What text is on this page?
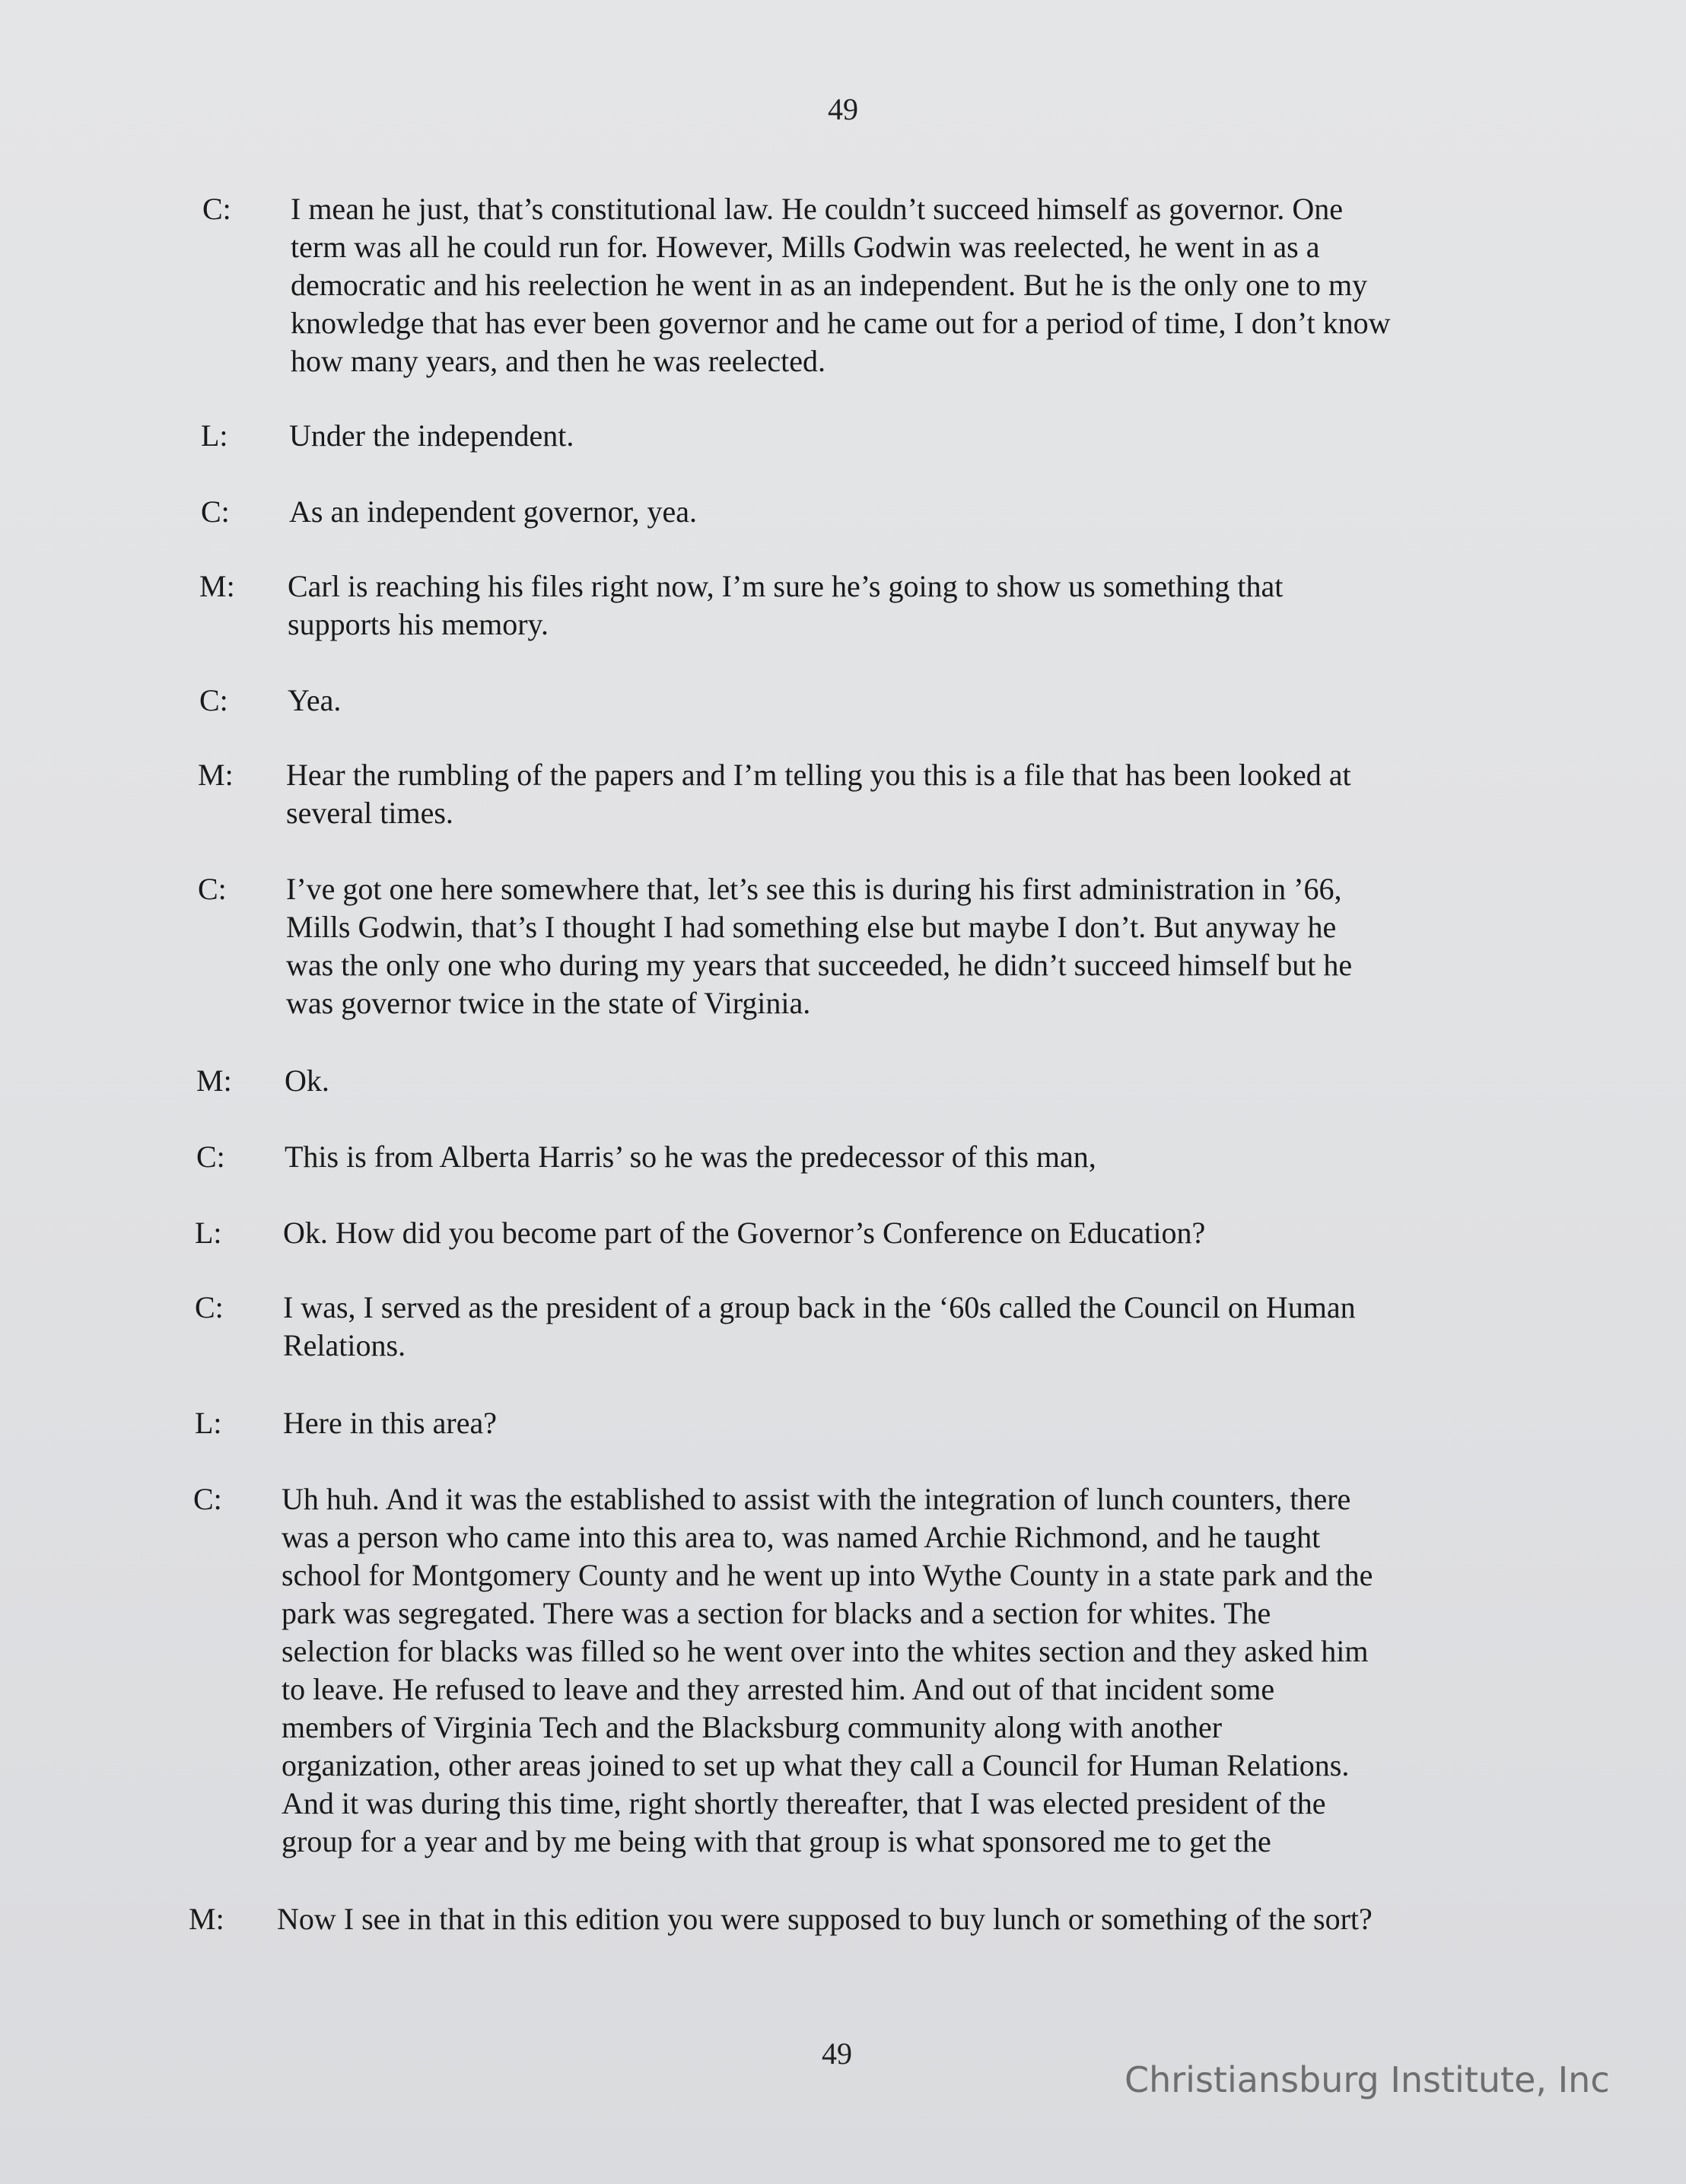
49
C: I mean he just, that’s constitutional law. He couldn’t succeed himself as governor. One
term was all he could run for. However, Mills Godwin was reelected, he went in as a
democratic and his reelection he went in as an independent. But he is the only one to my
knowledge that has ever been governor and he came out for a period of time, I don’t know
how many years, and then he was reelected.
L: Under the independent.
C: As an independent governor, yea.
M: Carl is reaching his files right now, I’m sure he’s going to show us something that
supports his memory.
C: Yea.
M: Hear the rumbling of the papers and I’m telling you this is a file that has been looked at
several times.
C: I’ve got one here somewhere that, let’s see this is during his first administration in ’66,
Mills Godwin, that’s I thought I had something else but maybe I don’t. But anyway he
was the only one who during my years that succeeded, he didn’t succeed himself but he
was governor twice in the state of Virginia.
M: Ok.
C: This is from Alberta Harris’ so he was the predecessor of this man,
L: Ok. How did you become part of the Governor’s Conference on Education?
C: I was, I served as the president of a group back in the ‘60s called the Council on Human
Relations.
L: Here in this area?
C: Uh huh. And it was the established to assist with the integration of lunch counters, there
was a person who came into this area to, was named Archie Richmond, and he taught
school for Montgomery County and he went up into Wythe County in a state park and the
park was segregated. There was a section for blacks and a section for whites. The
selection for blacks was filled so he went over into the whites section and they asked him
to leave. He refused to leave and they arrested him. And out of that incident some
members of Virginia Tech and the Blacksburg community along with another
organization, other areas joined to set up what they call a Council for Human Relations.
And it was during this time, right shortly thereafter, that I was elected president of the
group for a year and by me being with that group is what sponsored me to get the
M: Now I see in that in this edition you were supposed to buy lunch or something of the sort?
49
Christiansburg Institute, Inc
